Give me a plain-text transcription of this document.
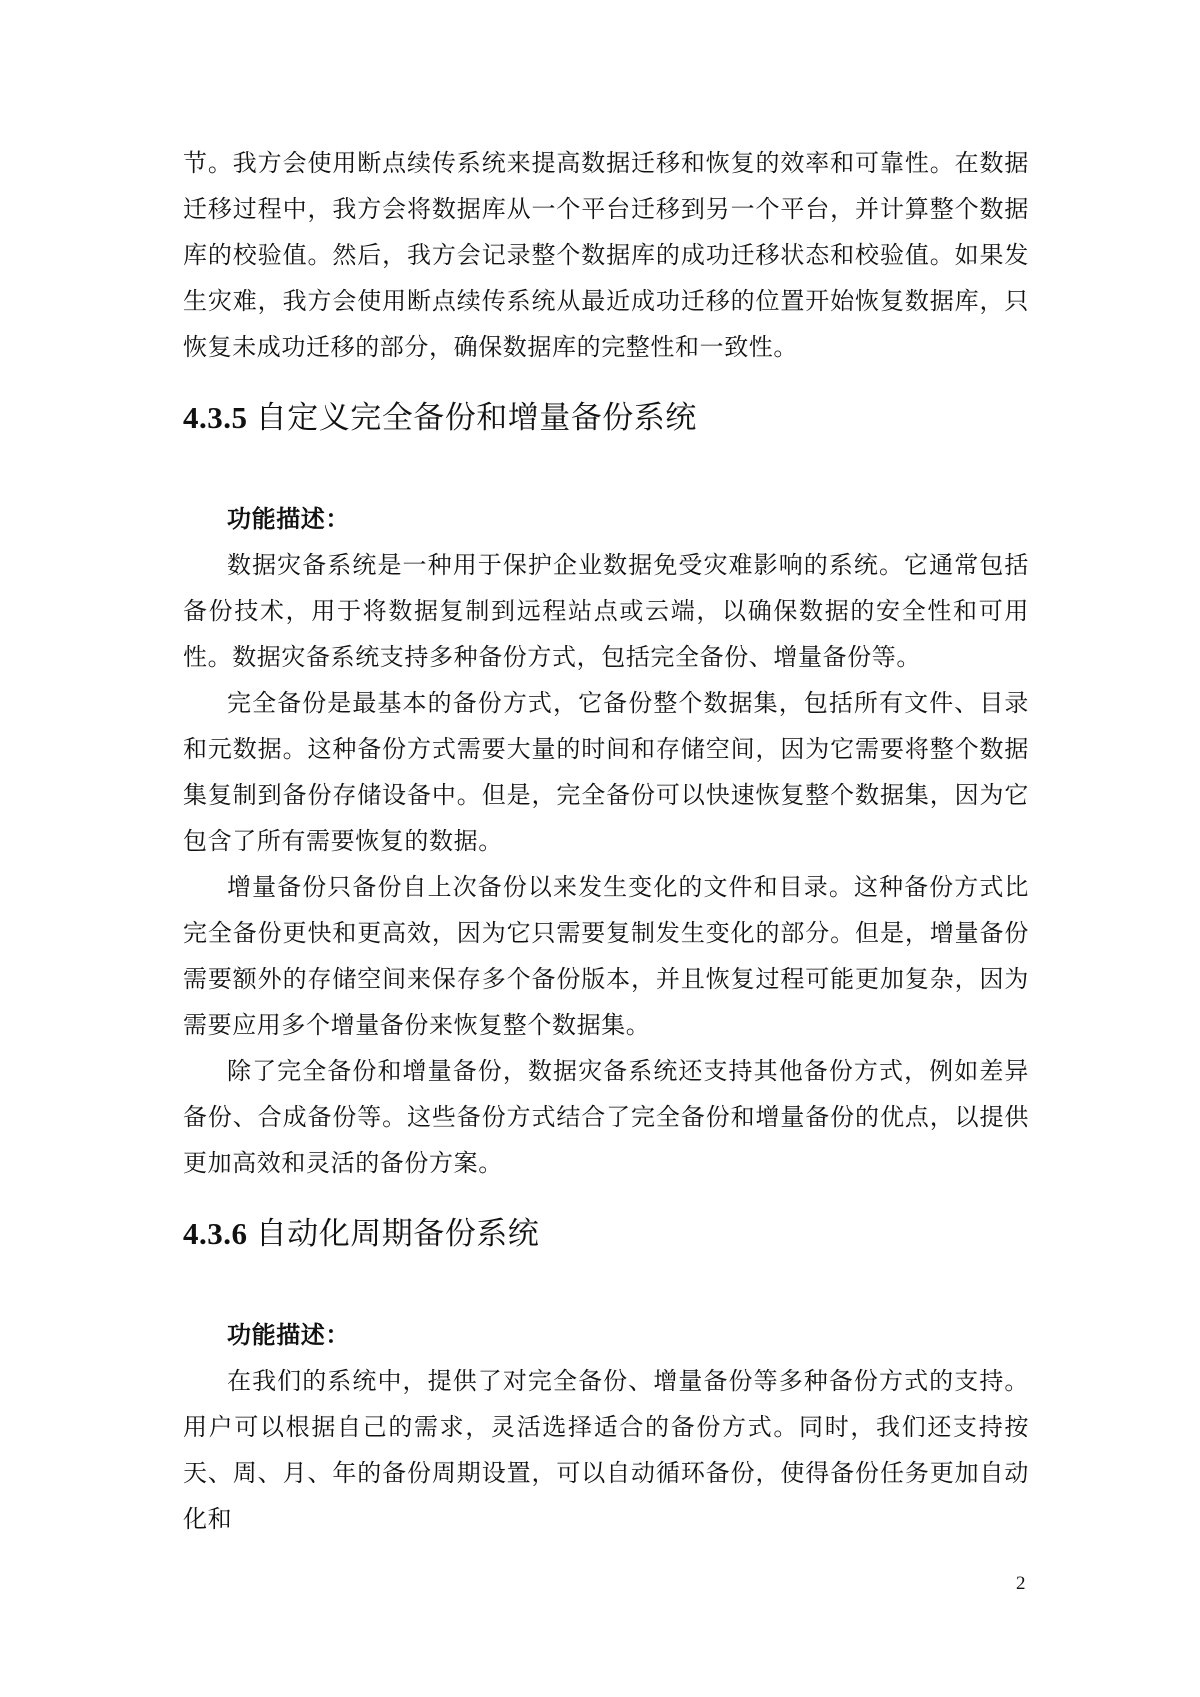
节。我方会使用断点续传系统来提高数据迁移和恢复的效率和可靠性。在数据迁移过程中，我方会将数据库从一个平台迁移到另一个平台，并计算整个数据库的校验值。然后，我方会记录整个数据库的成功迁移状态和校验值。如果发生灾难，我方会使用断点续传系统从最近成功迁移的位置开始恢复数据库，只恢复未成功迁移的部分，确保数据库的完整性和一致性。

4.3.5 自定义完全备份和增量备份系统

功能描述：

数据灾备系统是一种用于保护企业数据免受灾难影响的系统。它通常包括备份技术，用于将数据复制到远程站点或云端，以确保数据的安全性和可用性。数据灾备系统支持多种备份方式，包括完全备份、增量备份等。

完全备份是最基本的备份方式，它备份整个数据集，包括所有文件、目录和元数据。这种备份方式需要大量的时间和存储空间，因为它需要将整个数据集复制到备份存储设备中。但是，完全备份可以快速恢复整个数据集，因为它包含了所有需要恢复的数据。

增量备份只备份自上次备份以来发生变化的文件和目录。这种备份方式比完全备份更快和更高效，因为它只需要复制发生变化的部分。但是，增量备份需要额外的存储空间来保存多个备份版本，并且恢复过程可能更加复杂，因为需要应用多个增量备份来恢复整个数据集。

除了完全备份和增量备份，数据灾备系统还支持其他备份方式，例如差异备份、合成备份等。这些备份方式结合了完全备份和增量备份的优点，以提供更加高效和灵活的备份方案。

4.3.6 自动化周期备份系统

功能描述：

在我们的系统中，提供了对完全备份、增量备份等多种备份方式的支持。用户可以根据自己的需求，灵活选择适合的备份方式。同时，我们还支持按天、周、月、年的备份周期设置，可以自动循环备份，使得备份任务更加自动化和

2
